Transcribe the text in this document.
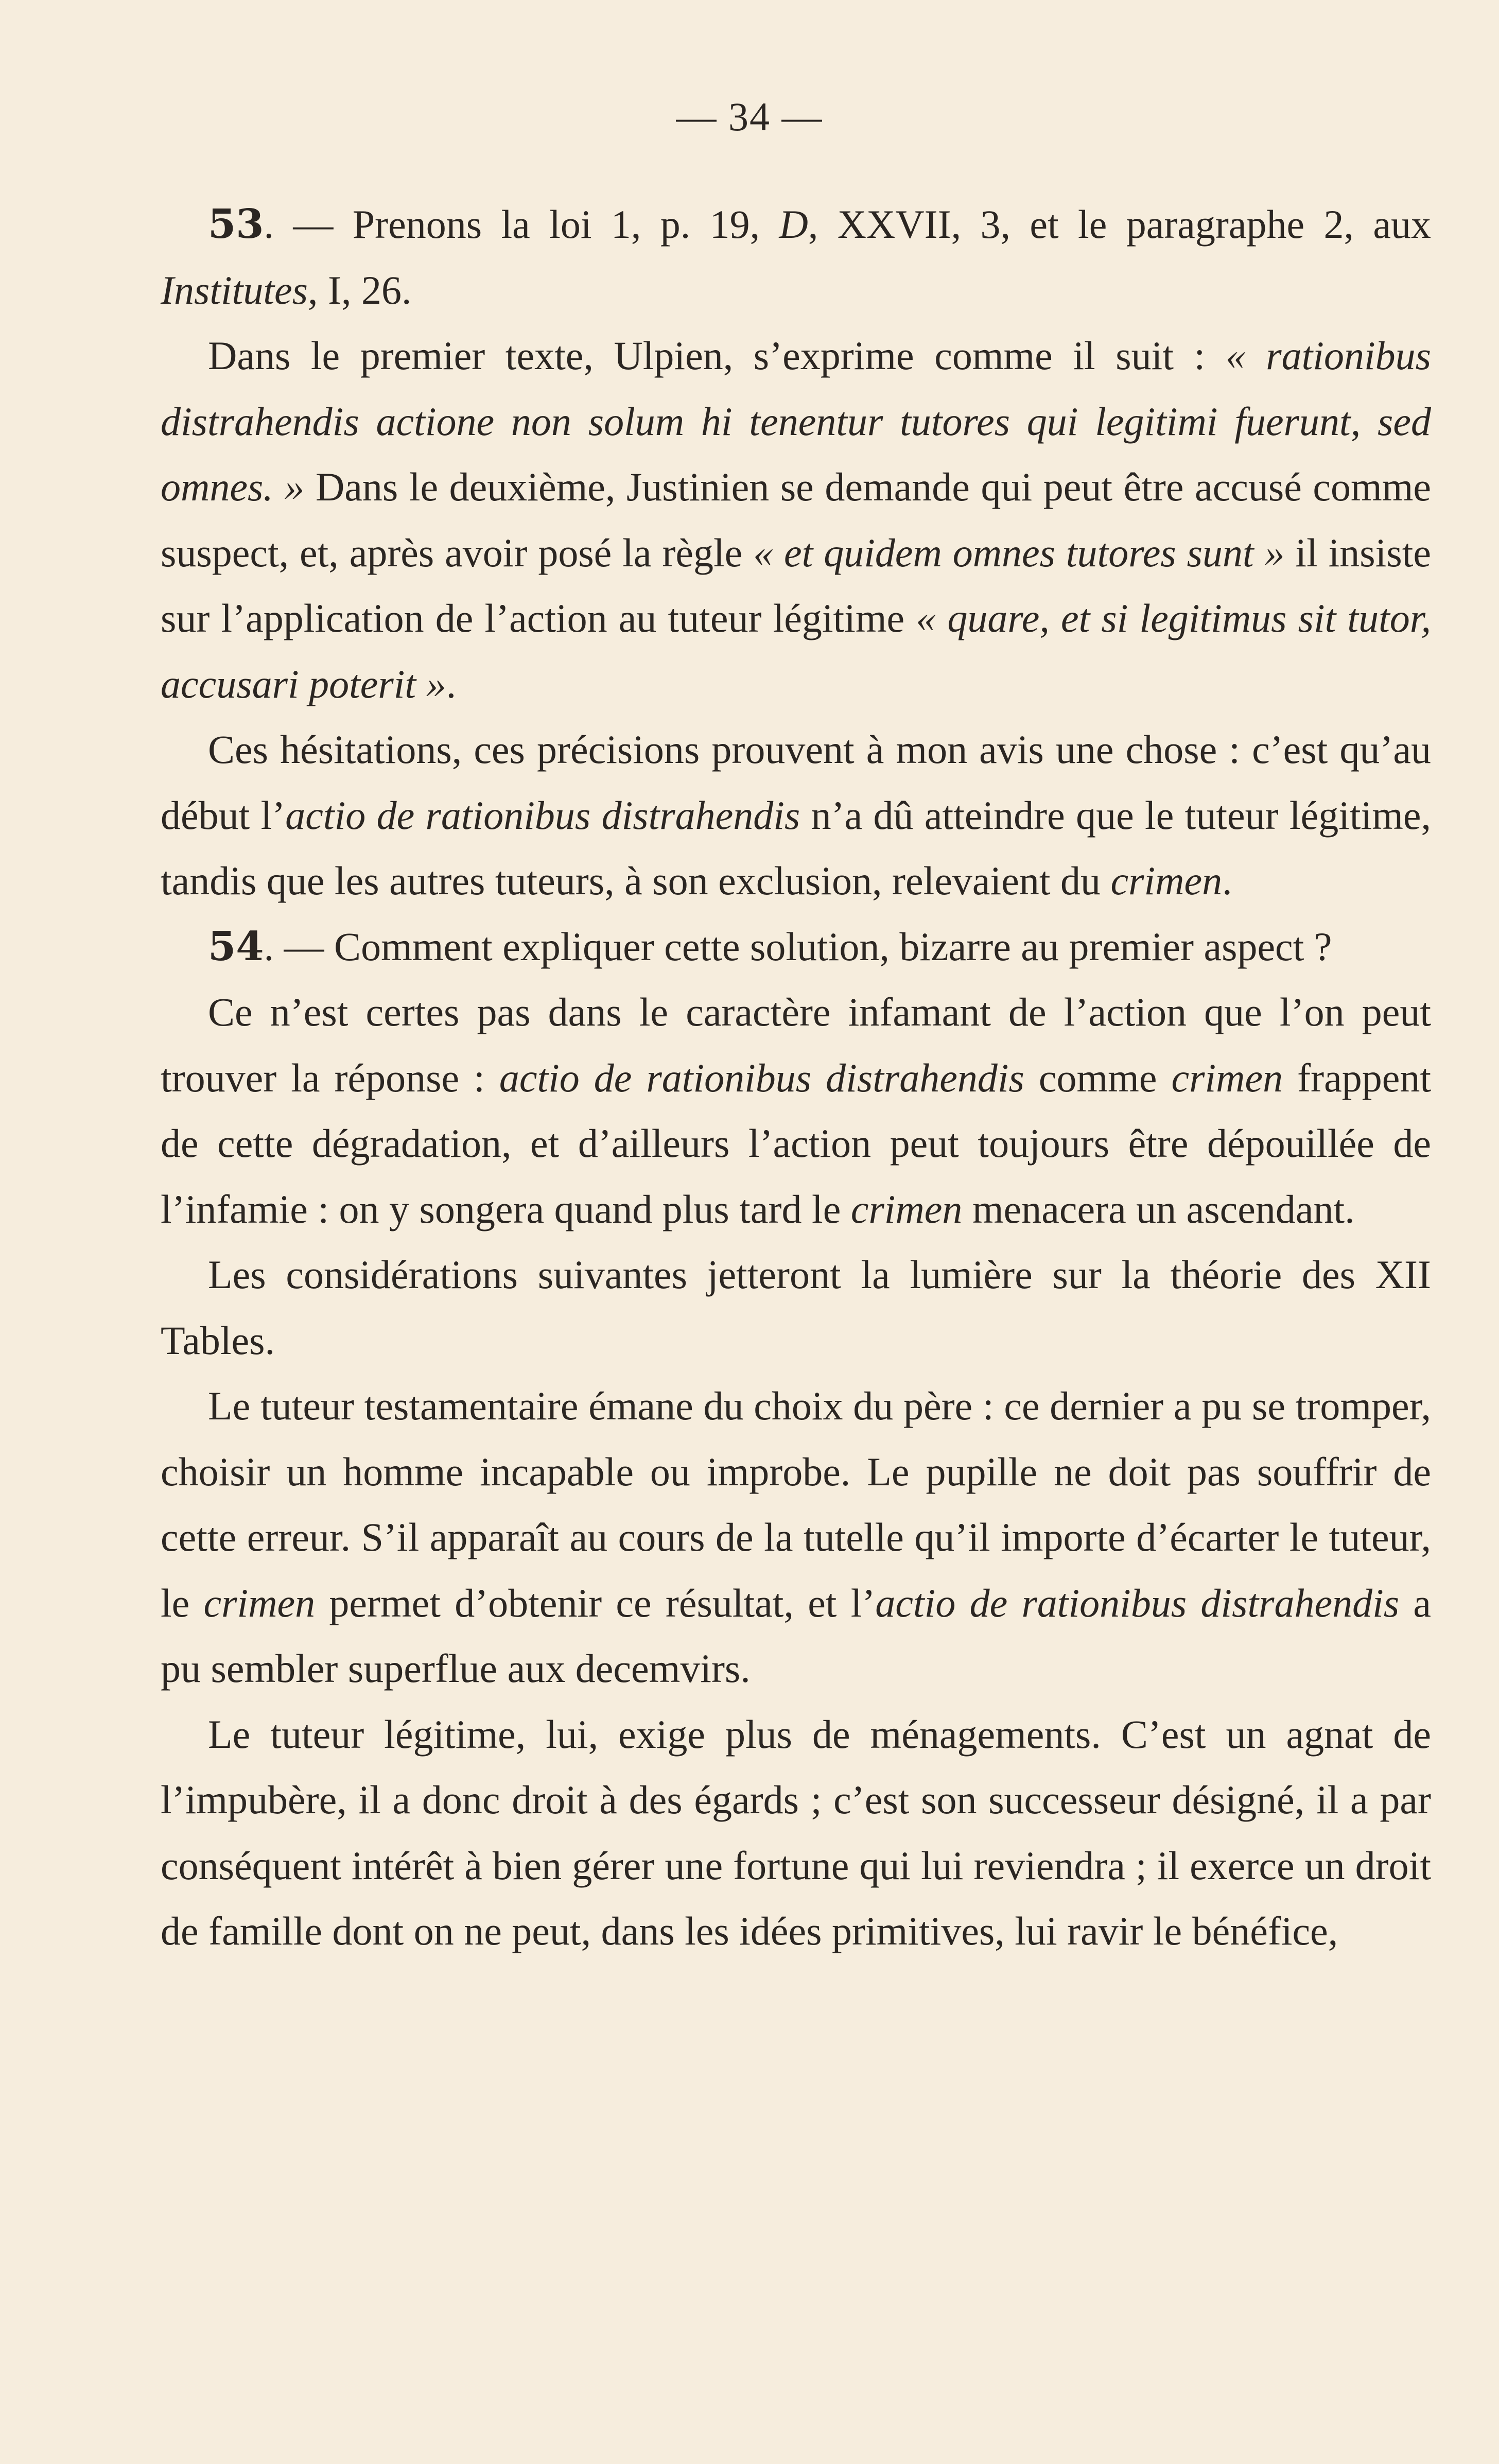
— 34 —

53. — Prenons la loi 1, p. 19, D, XXVII, 3, et le paragraphe 2, aux Institutes, I, 26.

Dans le premier texte, Ulpien, s’exprime comme il suit : « rationibus distrahendis actione non solum hi tenentur tutores qui legitimi fuerunt, sed omnes. » Dans le deuxième, Justinien se demande qui peut être accusé comme suspect, et, après avoir posé la règle « et quidem omnes tutores sunt » il insiste sur l’application de l’action au tuteur légitime « quare, et si legitimus sit tutor, accusari poterit ».

Ces hésitations, ces précisions prouvent à mon avis une chose : c’est qu’au début l’actio de rationibus distrahendis n’a dû atteindre que le tuteur légitime, tandis que les autres tuteurs, à son exclusion, relevaient du crimen.

54. — Comment expliquer cette solution, bizarre au premier aspect ?

Ce n’est certes pas dans le caractère infamant de l’action que l’on peut trouver la réponse : actio de rationibus distrahendis comme crimen frappent de cette dégradation, et d’ailleurs l’action peut toujours être dépouillée de l’infamie : on y songera quand plus tard le crimen menacera un ascendant.

Les considérations suivantes jetteront la lumière sur la théorie des XII Tables.

Le tuteur testamentaire émane du choix du père : ce dernier a pu se tromper, choisir un homme incapable ou improbe. Le pupille ne doit pas souffrir de cette erreur. S’il apparaît au cours de la tutelle qu’il importe d’écarter le tuteur, le crimen permet d’obtenir ce résultat, et l’actio de rationibus distrahendis a pu sembler superflue aux decemvirs.

Le tuteur légitime, lui, exige plus de ménagements. C’est un agnat de l’impubère, il a donc droit à des égards ; c’est son successeur désigné, il a par conséquent intérêt à bien gérer une fortune qui lui reviendra ; il exerce un droit de famille dont on ne peut, dans les idées primitives, lui ravir le bénéfice,
